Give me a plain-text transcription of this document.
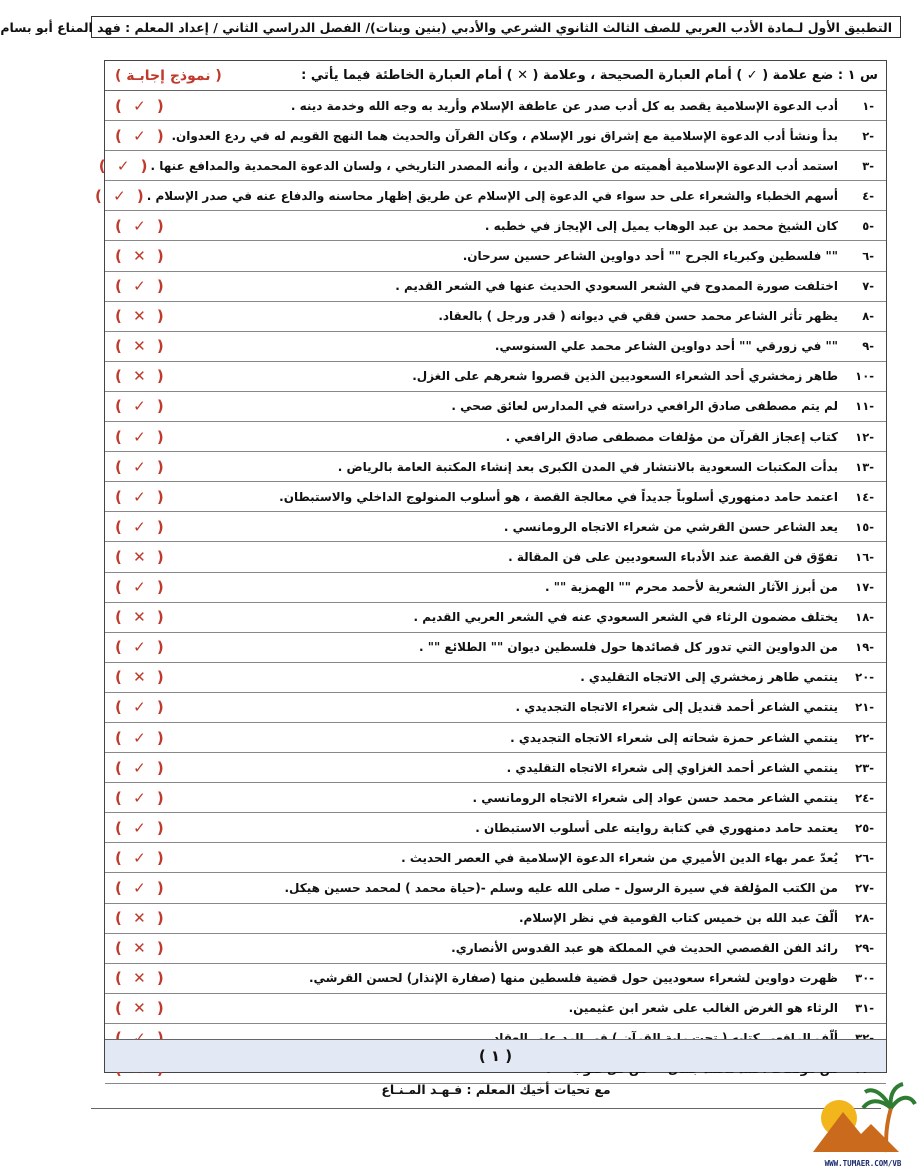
التطبيق الأول لـمادة الأدب العربي للصف الثالث الثانوي الشرعي والأدبي (بنين وبنات)/ الفصل الدراسي الثاني / إعداد المعلم : فهد المناع أبو بسام
س ١ : ضع علامة ( ✓ ) أمام العبارة الصحيحة ، وعلامة ( ✕ ) أمام العبارة الخاطئة فيما يأتي :
( نموذج إجابـة )
-١
أدب الدعوة الإسلامية يقصد به كل أدب صدر عن عاطفة الإسلام وأريد به وجه الله وخدمة دينه .
( ✓ )
-٢
بدأ ونشأ أدب الدعوة الإسلامية مع إشراق نور الإسلام ، وكان القرآن والحديث هما النهج القويم له في ردع العدوان.
( ✓ )
-٣
استمد أدب الدعوة الإسلامية أهميته من عاطفة الدين ، وأنه المصدر التاريخي ، ولسان الدعوة المحمدية والمدافع عنها .
( ✓ )
-٤
أسهم الخطباء والشعراء على حد سواء في الدعوة إلى الإسلام عن طريق إظهار محاسنه والدفاع عنه في صدر الإسلام .
( ✓ )
-٥
كان الشيخ محمد بن عبد الوهاب يميل إلى الإيجاز في خطبه .
( ✓ )
-٦
"" فلسطين وكبرياء الجرح "" أحد دواوين الشاعر حسين سرحان.
( ✕ )
-٧
اختلفت صورة الممدوح في الشعر السعودي الحديث عنها في الشعر القديم .
( ✓ )
-٨
يظهر تأثر الشاعر محمد حسن فقي في ديوانه ( قدر ورجل ) بالعقاد.
( ✕ )
-٩
"" في زورقي "" أحد دواوين الشاعر محمد علي السنوسي.
( ✕ )
-١٠
طاهر زمخشري أحد الشعراء السعوديين الذين قصروا شعرهم على الغزل.
( ✕ )
-١١
لم يتم مصطفى صادق الرافعي دراسته في المدارس لعائق صحي .
( ✓ )
-١٢
كتاب إعجاز القرآن من مؤلفات مصطفى صادق الرافعي .
( ✓ )
-١٣
بدأت المكتبات السعودية بالانتشار في المدن الكبرى بعد إنشاء المكتبة العامة بالرياض .
( ✓ )
-١٤
اعتمد حامد دمنهوري أسلوباً جديداً في معالجة القصة ، هو أسلوب المنولوج الداخلي والاستبطان.
( ✓ )
-١٥
يعد الشاعر حسن القرشي من شعراء الاتجاه الرومانسي .
( ✓ )
-١٦
تفوّق فن القصة عند الأدباء السعوديين على فن المقالة .
( ✕ )
-١٧
من أبرز الآثار الشعرية لأحمد محرم "" الهمزية "" .
( ✓ )
-١٨
يختلف مضمون الرثاء في الشعر السعودي عنه في الشعر العربي القديم .
( ✕ )
-١٩
من الدواوين التي تدور كل قصائدها حول فلسطين ديوان "" الطلائع "" .
( ✓ )
-٢٠
ينتمي طاهر زمخشري إلى الاتجاه التقليدي .
( ✕ )
-٢١
ينتمي الشاعر أحمد قنديل إلى شعراء الاتجاه التجديدي .
( ✓ )
-٢٢
ينتمي الشاعر حمزة شحاته إلى شعراء الاتجاه التجديدي .
( ✓ )
-٢٣
ينتمي الشاعر أحمد الغزاوي إلى شعراء الاتجاه التقليدي .
( ✓ )
-٢٤
ينتمي الشاعر محمد حسن عواد إلى شعراء الاتجاه الرومانسي .
( ✓ )
-٢٥
يعتمد حامد دمنهوري في كتابة روايته على أسلوب الاستبطان .
( ✓ )
-٢٦
يُعدّ عمر بهاء الدين الأميري من شعراء الدعوة الإسلامية في العصر الحديث .
( ✓ )
-٢٧
من الكتب المؤلفة في سيرة الرسول - صلى الله عليه وسلم -(حياة محمد ) لمحمد حسين هيكل.
( ✓ )
-٢٨
ألّفَ عبد الله بن خميس كتاب القومية في نظر الإسلام.
( ✕ )
-٢٩
رائد الفن القصصي الحديث في المملكة هو عبد القدوس الأنصاري.
( ✕ )
-٣٠
ظهرت دواوين لشعراء سعوديين حول قضية فلسطين منها (صفارة الإنذار) لحسن القرشي.
( ✕ )
-٣١
الرثاء هو الغرض الغالب على شعر ابن عثيمين.
( ✕ )
( ١ )
مع تحيات أخيك المعلم : فـهـد المـنـاع
WWW.TUMAER.COM/VB
